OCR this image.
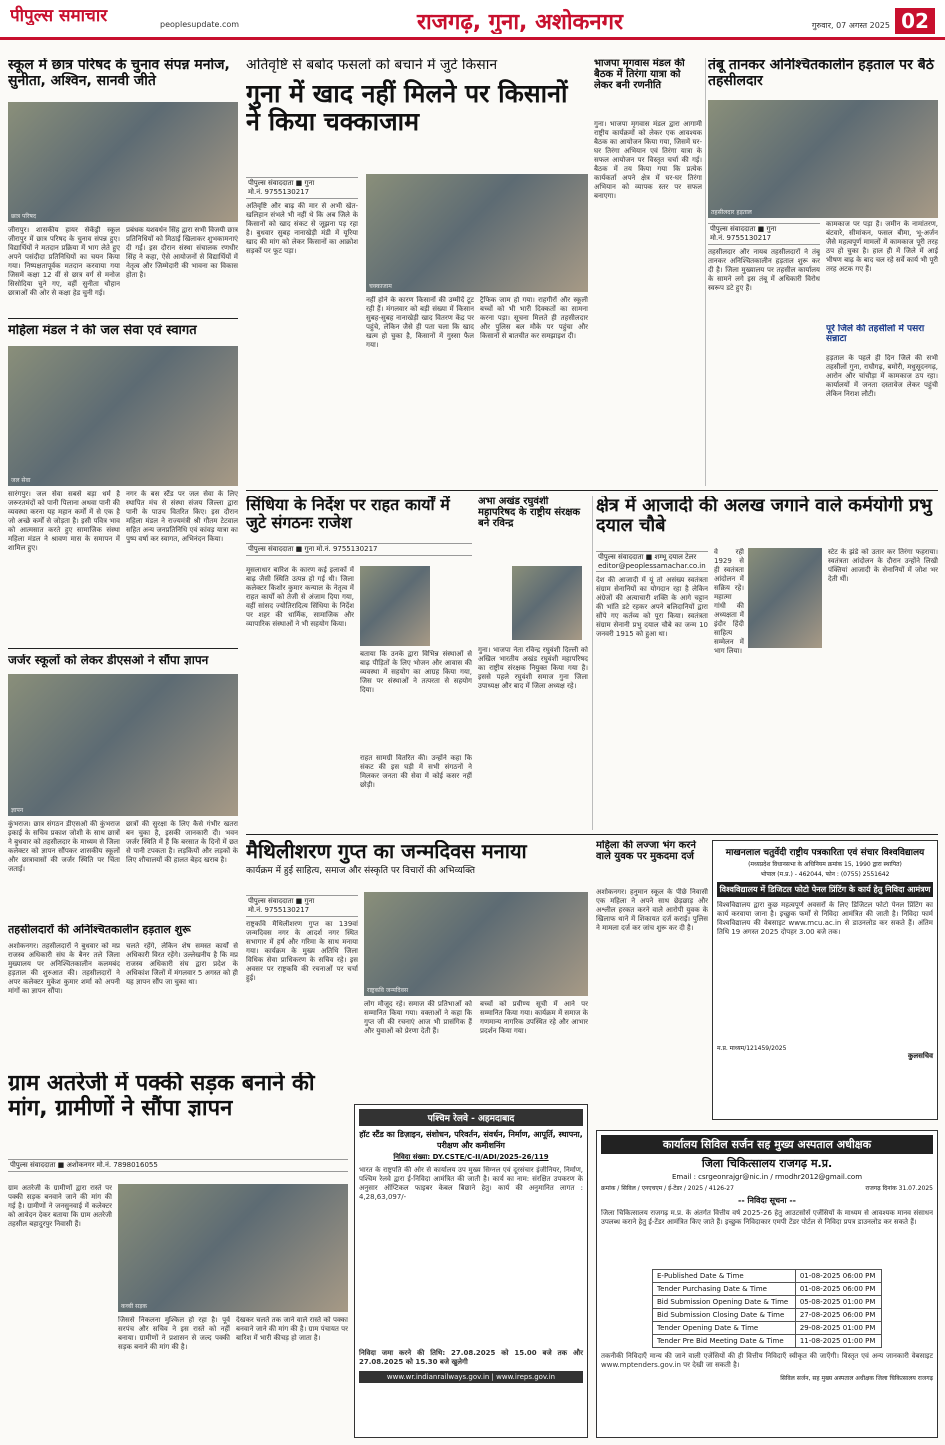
पीपुल्स समाचार	peoplesupdate.com	राजगढ़, गुना, अशोकनगर	गुरुवार, 07 अगस्त 2025 02
स्कूल में छात्र परिषद के चुनाव संपन्न मनोज, सुनीता, अश्विन, सानवी जीते
छात्र परिषद
जीरापुर। शासकीय हायर सेकेंड्री स्कूल जीरापुर में छात्र परिषद के चुनाव संपन्न हुए। विद्यार्थियों ने मतदान प्रक्रिया में भाग लेते हुए अपने पसंदीदा प्रतिनिधियों का चयन किया गया। निष्पक्षतापूर्वक मतदान करवाया गया जिसमें कक्षा 12 वीं से छात्र वर्ग से मनोज सिसोदिया चुने गए, वहीं सुनीता चौहान छात्राओं की ओर से कक्षा हेड चुनी गई।
प्रबंधक यशवर्धन सिंह द्वारा सभी विजयी छात्र प्रतिनिधियों को मिठाई खिलाकर शुभकामनाएं दी गईं। इस दौरान संस्था संचालक रणधीर सिंह ने कहा, ऐसे आयोजनों से विद्यार्थियों में नेतृत्व और जिम्मेदारी की भावना का विकास होता है।
महिला मंडल ने की जल सेवा एवं स्वागत
जल सेवा
सारंगपुर। जल सेवा सबसे बड़ा धर्म है जरूरतमंदों को पानी पिलाना अथवा पानी की व्यवस्था करना यह महान कर्मों में से एक है जो अच्छे कर्मों से जोड़ता है। इसी पवित्र भाव को आत्मसात करते हुए सामाजिक संस्था महिला मंडल ने श्रावण मास के समापन में शामिल हुए।
नगर के बस स्टैंड पर जल सेवा के लिए स्थापित मंच से संस्था संजय जिल्ला द्वारा पानी के पाउच वितरित किए। इस दौरान महिला मंडल ने राज्यमंत्री श्री गौतम टेटवाल सहित अन्य जनप्रतिनिधि एवं कांवड़ यात्रा का पुष्प वर्षा कर स्वागत, अभिनंदन किया।
जर्जर स्कूलों को लेकर डीएसओ ने सौंपा ज्ञापन
ज्ञापन
कुंभराज। छात्र संगठन डीएसओ की कुंभराज इकाई के सचिव प्रकाश जोशी के साथ छात्रों ने बुधवार को तहसीलदार के माध्यम से जिला कलेक्टर को ज्ञापन सौंपकर शासकीय स्कूलों और छात्रावासों की जर्जर स्थिति पर चिंता जताई।
छात्रों की सुरक्षा के लिए कैसे गंभीर खतरा बन चुका है, इसकी जानकारी दी। भवन जर्जर स्थिति में हैं कि बरसात के दिनों में छत से पानी टपकता है। लड़कियों और लड़कों के लिए शौचालयों की हालत बेहद खराब है।
तहसीलदारों की अनिश्चितकालीन हड़ताल शुरू
अशोकनगर। तहसीलदारों ने बुधवार को मप्र राजस्व अधिकारी संघ के बैनर तले जिला मुख्यालय पर अनिश्चितकालीन कलमबंद हड़ताल की शुरुआत की। तहसीलदारों ने अपर कलेक्टर मुकेश कुमार शर्मा को अपनी मांगों का ज्ञापन सौंपा।
चलते रहेंगे, लेकिन शेष समस्त कार्यों से अधिकारी विरत रहेंगे। उल्लेखनीय है कि मप्र राजस्व अधिकारी संघ द्वारा प्रदेश के अधिकांश जिलों में मंगलवार 5 अगस्त को ही यह ज्ञापन सौंप जा चुका था।
अतिवृष्टि से बर्बाद फसलों को बचाने में जुटे किसान
गुना में खाद नहीं मिलने पर किसानों ने किया चक्काजाम
पीपुल्स संवाददाता ■ गुना
मो.नं. 9755130217
अतिवृष्टि और बाढ़ की मार से अभी खेत-खलिहान संभले भी नहीं थे कि अब जिले के किसानों को खाद संकट से जूझना पड़ रहा है। बुधवार सुबह नानाखेड़ी मंडी में यूरिया खाद की मांग को लेकर किसानों का आक्रोश सड़कों पर फूट पड़ा।
चक्काजाम
नहीं होने के कारण किसानों की उम्मीदें टूट रही हैं। मंगलवार को बड़ी संख्या में किसान सुबह-सुबह नानाखेड़ी खाद वितरण केंद्र पर पहुंचे, लेकिन जैसे ही पता चला कि खाद खत्म हो चुका है, किसानों में गुस्सा फैल गया।
ट्रैफिक जाम हो गया। राहगीरों और स्कूली बच्चों को भी भारी दिक्कतों का सामना करना पड़ा। सूचना मिलते ही तहसीलदार और पुलिस बल मौके पर पहुंचा और किसानों से बातचीत कर समझाइश दी।
भाजपा मृगवास मंडल की बैठक में तिरंगा यात्रा को लेकर बनी रणनीति
गुना। भाजपा मृगवास मंडल द्वारा आगामी राष्ट्रीय कार्यक्रमों को लेकर एक आवश्यक बैठक का आयोजन किया गया, जिसमें घर-घर तिरंगा अभियान एवं तिरंगा यात्रा के सफल आयोजन पर विस्तृत चर्चा की गई। बैठक में तय किया गया कि प्रत्येक कार्यकर्ता अपने क्षेत्र में घर-घर तिरंगा अभियान को व्यापक स्तर पर सफल बनाएगा।
तंबू तानकर अनिश्चितकालीन हड़ताल पर बैठे तहसीलदार
तहसीलदार हड़ताल
पीपुल्स संवाददाता ■ गुना
मो.नं. 9755130217
तहसीलदार और नायब तहसीलदारों ने तंबू तानकर अनिश्चितकालीन हड़ताल शुरू कर दी है। जिला मुख्यालय पर तहसील कार्यालय के सामने लगे इस तंबू में अधिकारी विरोध स्वरूप डटे हुए हैं।
कामकाज पर पड़ा है। जमीन के नामांतरण, बंटवारे, सीमांकन, फसल बीमा, भू-अर्जन जैसे महत्वपूर्ण मामलों में कामकाज पूरी तरह ठप हो चुका है। हाल ही में जिले में आई भीषण बाढ़ के बाद चल रहे सर्वे कार्य भी पूरी तरह अटक गए हैं।
पूरे जिले की तहसीलों में पसरा सन्नाटा
हड़ताल के पहले ही दिन जिले की सभी तहसीलों गुना, राघौगढ़, बमोरी, मधुसूदनगढ़, आरोन और चांचौड़ा में कामकाज ठप रहा। कार्यालयों में जनता दस्तावेज लेकर पहुंची लेकिन निराश लौटी।
सिंधिया के निर्देश पर राहत कार्यों में जुटे संगठनः राजेश
पीपुल्स संवाददाता ■ गुना मो.नं. 9755130217
मूसलाधार बारिश के कारण कई इलाकों में बाढ़ जैसी स्थिति उत्पन्न हो गई थी। जिला कलेक्टर किशोर कुमार कन्याल के नेतृत्व में राहत कार्यों को तेजी से अंजाम दिया गया, वहीं सांसद ज्योतिरादित्य सिंधिया के निर्देश पर शहर की धार्मिक, सामाजिक और व्यापारिक संस्थाओं ने भी सहयोग किया।
बताया कि उनके द्वारा विभिन्न संस्थाओं से बाढ़ पीड़ितों के लिए भोजन और आवास की व्यवस्था में सहयोग का आग्रह किया गया, जिस पर संस्थाओं ने तत्परता से सहयोग दिया।
राहत सामग्री वितरित की। उन्होंने कहा कि संकट की इस घड़ी में सभी संगठनों ने मिलकर जनता की सेवा में कोई कसर नहीं छोड़ी।
अभा अखंड रघुवंशी महापरिषद के राष्ट्रीय संरक्षक बने रविन्द्र
गुना। भाजपा नेता रविन्द्र रघुवंशी दिल्ली को अखिल भारतीय अखंड रघुवंशी महापरिषद का राष्ट्रीय संरक्षक नियुक्त किया गया है। इससे पहले रघुवंशी समाज गुना जिला उपाध्यक्ष और बाद में जिला अध्यक्ष रहे।
क्षेत्र में आजादी की अलख जगाने वाले कर्मयोगी प्रभु दयाल चौबे
पीपुल्स संवाददाता ■ शम्भू दयाल टेलर
editor@peoplessamachar.co.in
देश की आजादी में यूं तो असंख्य स्वतंत्रता संग्राम सेनानियों का योगदान रहा है लेकिन अंग्रेजों की अत्याचारी शक्ति के आगे चट्टान की भांति डटे रहकर अपने बलिदानियों द्वारा सौंपे गए कर्तव्य को पूरा किया। स्वतंत्रता संग्राम सेनानी प्रभु दयाल चौबे का जन्म 10 जनवरी 1915 को हुआ था।
वे रही 1929 से ही स्वतंत्रता आंदोलन में सक्रिय रहे। महात्मा गांधी की अध्यक्षता में इंदौर हिंदी साहित्य सम्मेलन में भाग लिया।
स्टेट के झंडे को उतार कर तिरंगा फहराया। स्वतंत्रता आंदोलन के दौरान उन्होंने लिखी पंक्तियां आजादी के सेनानियों में जोश भर देती थीं।
मैथिलीशरण गुप्त का जन्मदिवस मनाया
कार्यक्रम में हुई साहित्य, समाज और संस्कृति पर विचारों की अभिव्यक्ति
पीपुल्स संवाददाता ■ गुना
मो.नं. 9755130217
राष्ट्रकवि मैथिलीशरण गुप्त का 139वां जन्मदिवस नगर के आदर्श नगर स्थित सभागार में हर्ष और गरिमा के साथ मनाया गया। कार्यक्रम के मुख्य अतिथि जिला विधिक सेवा प्राधिकरण के सचिव रहे। इस अवसर पर राष्ट्रकवि की रचनाओं पर चर्चा हुई।
राष्ट्रकवि जन्मदिवस
लोग मौजूद रहे। समाज की प्रतिभाओं को सम्मानित किया गया। वक्ताओं ने कहा कि गुप्त जी की रचनाएं आज भी प्रासंगिक हैं और युवाओं को प्रेरणा देती हैं।
बच्चों को प्रवीण्य सूची में आने पर सम्मानित किया गया। कार्यक्रम में समाज के गणमान्य नागरिक उपस्थित रहे और आभार प्रदर्शन किया गया।
महिला की लज्जा भंग करने वाले युवक पर मुकदमा दर्ज
अशोकनगर। हनुमान स्कूल के पीछे निवासी एक महिला ने अपने साथ छेड़छाड़ और अश्लील हरकत करने वाले आरोपी युवक के खिलाफ थाने में शिकायत दर्ज कराई। पुलिस ने मामला दर्ज कर जांच शुरू कर दी है।
माखनलाल चतुर्वेदी राष्ट्रीय पत्रकारिता एवं संचार विश्वविद्यालय
(मध्यप्रदेश विधानसभा के अधिनियम क्रमांक 15, 1990 द्वारा स्थापित)
भोपाल (म.प्र.) - 462044, फोन : (0755) 2551642
विश्वविद्यालय में डिजिटल फोटो पेनल प्रिंटिंग के कार्य हेतु निविदा आमंत्रण
विश्वविद्यालय द्वारा कुछ महत्वपूर्ण अवसरों के लिए डिजिटल फोटो पेनल प्रिंटिंग का कार्य करवाया जाना है। इच्छुक फर्मों से निविदा आमंत्रित की जाती है। निविदा फार्म विश्वविद्यालय की वेबसाइट www.mcu.ac.in से डाउनलोड कर सकते हैं। अंतिम तिथि 19 अगस्त 2025 दोपहर 3.00 बजे तक।
म.प्र. माध्यम/121459/2025
कुलसचिव
ग्राम अतरेजी में पक्की सड़क बनाने की मांग, ग्रामीणों ने सौंपा ज्ञापन
पीपुल्स संवाददाता ■ अशोकनगर मो.नं. 7898016055
ग्राम अतरेजी के ग्रामीणों द्वारा रास्ते पर पक्की सड़क बनवाने जाने की मांग की गई है। ग्रामीणों ने जनसुनवाई में कलेक्टर को आवेदन देकर बताया कि ग्राम अतरेजी तहसील बहादुरपुर निवासी हैं।
कच्ची सड़क
जिससे निकलना मुश्किल हो रहा है। पूर्व सरपंच और सचिव ने इस रास्ते को नहीं बनाया। ग्रामीणों ने प्रशासन से जल्द पक्की सड़क बनाने की मांग की है।
देखकर चलते तक जाने वाले रास्ते को पक्का बनवाने जाने की मांग की है। ग्राम पंचायत पर बारिश में भारी कीचड़ हो जाता है।
पश्चिम रेलवे - अहमदाबाद
हॉट स्टैंड का डिज़ाइन, संशोधन, परिवर्तन, संवर्धन, निर्माण, आपूर्ति, स्थापना, परीक्षण और कमीशनिंग
निविदा संख्या: DY.CSTE/C-II/ADI/2025-26/119
भारत के राष्ट्रपति की ओर से कार्यालय उप मुख्य सिग्नल एवं दूरसंचार इंजीनियर, निर्माण, पश्चिम रेलवे द्वारा ई-निविदा आमंत्रित की जाती है। कार्य का नाम: संरक्षित उपकरण के अनुसार ऑप्टिकल फाइबर केबल बिछाने हेतु। कार्य की अनुमानित लागत : 4,28,63,097/-
निविदा जमा करने की तिथि: 27.08.2025 को 15.00 बजे तक और 27.08.2025 को 15.30 बजे खुलेगी
www.wr.indianrailways.gov.in | www.ireps.gov.in
कार्यालय सिविल सर्जन सह मुख्य अस्पताल अधीक्षक
जिला चिकित्सालय राजगढ़ म.प्र.
Email : csrgeonrajgr@nic.in / rmodhr2012@gmail.com
क्रमांक / सिविल / एनएचएम / ई-टेंडर / 2025 / 4126-27	राजगढ़ दिनांक 31.07.2025
-- निविदा सूचना --
जिला चिकित्सालय राजगढ़ म.प्र. के अंतर्गत वित्तीय वर्ष 2025-26 हेतु आउटसोर्स एजेंसियों के माध्यम से आवश्यक मानव संसाधन उपलब्ध कराने हेतु ई-टेंडर आमंत्रित किए जाते हैं। इच्छुक निविदाकार एमपी टेंडर पोर्टल से निविदा प्रपत्र डाउनलोड कर सकते हैं।
E-Published Date & Time	01-08-2025 06:00 PM
Tender Purchasing Date & Time	01-08-2025 06:00 PM
Bid Submission Opening Date & Time	05-08-2025 01:00 PM
Bid Submission Closing Date & Time	27-08-2025 06:00 PM
Tender Opening Date & Time	29-08-2025 01:00 PM
Tender Pre Bid Meeting Date & Time	11-08-2025 01:00 PM
तकनीकी निविदाएँ मान्य की जाने वाली एजेंसियों की ही वित्तीय निविदाएँ स्वीकृत की जाएँगी। विस्तृत एवं अन्य जानकारी वेबसाइट www.mptenders.gov.in पर देखी जा सकती है।
सिविल सर्जन, सह मुख्य अस्पताल अधीक्षक जिला चिकित्सालय राजगढ़
